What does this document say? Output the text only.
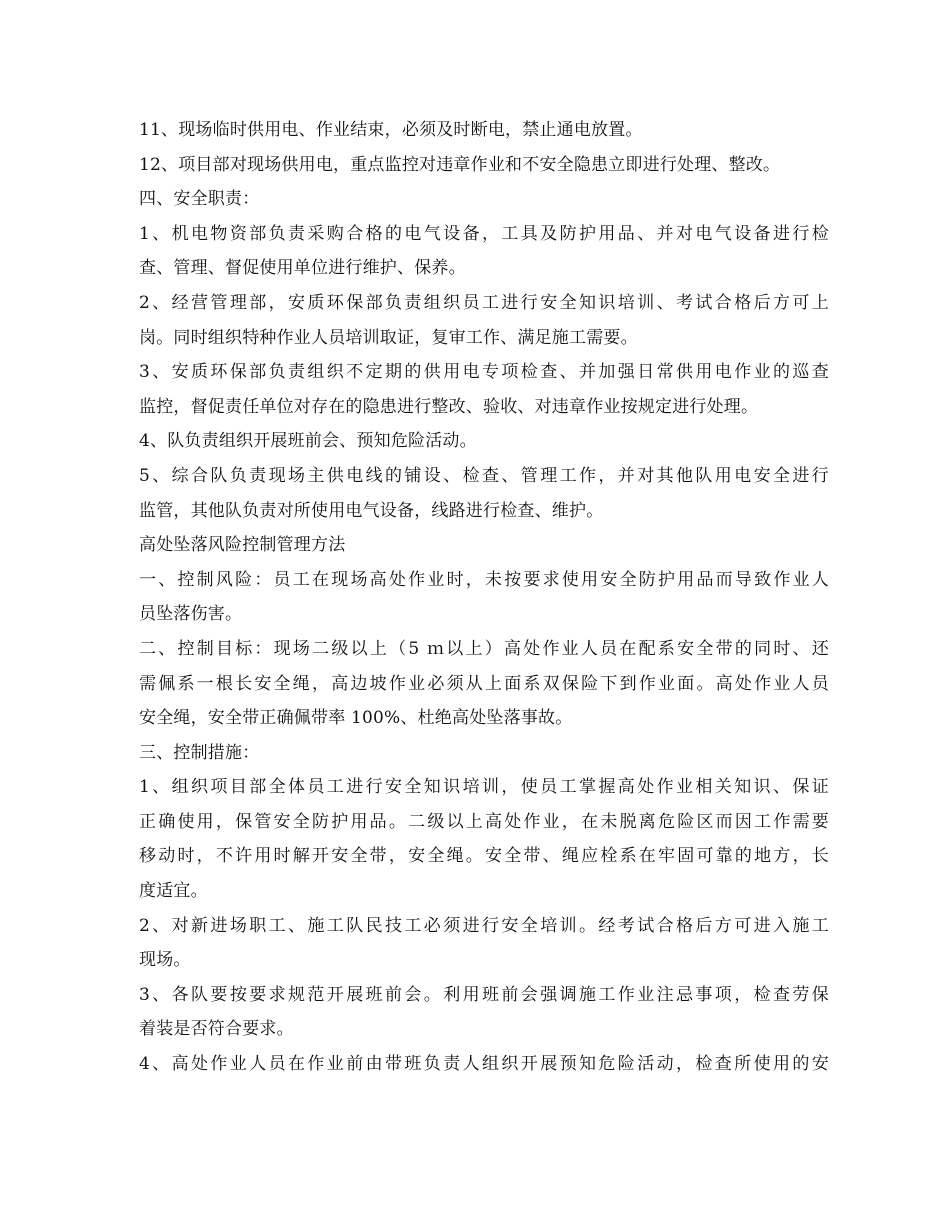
11、现场临时供用电、作业结束，必须及时断电，禁止通电放置。
12、项目部对现场供用电，重点监控对违章作业和不安全隐患立即进行处理、整改。
四、安全职责：
1、机电物资部负责采购合格的电气设备，工具及防护用品、并对电气设备进行检
查、管理、督促使用单位进行维护、保养。
2、经营管理部，安质环保部负责组织员工进行安全知识培训、考试合格后方可上
岗。同时组织特种作业人员培训取证，复审工作、满足施工需要。
3、安质环保部负责组织不定期的供用电专项检查、并加强日常供用电作业的巡查
监控，督促责任单位对存在的隐患进行整改、验收、对违章作业按规定进行处理。
4、队负责组织开展班前会、预知危险活动。
5、综合队负责现场主供电线的铺设、检查、管理工作，并对其他队用电安全进行
监管，其他队负责对所使用电气设备，线路进行检查、维护。
高处坠落风险控制管理方法
一、控制风险：员工在现场高处作业时，未按要求使用安全防护用品而导致作业人
员坠落伤害。
二、控制目标：现场二级以上（5 ｍ以上）高处作业人员在配系安全带的同时、还
需佩系一根长安全绳，高边坡作业必须从上面系双保险下到作业面。高处作业人员
安全绳，安全带正确佩带率 100%、杜绝高处坠落事故。
三、控制措施：
1、组织项目部全体员工进行安全知识培训，使员工掌握高处作业相关知识、保证
正确使用，保管安全防护用品。二级以上高处作业，在未脱离危险区而因工作需要
移动时，不许用时解开安全带，安全绳。安全带、绳应栓系在牢固可靠的地方，长
度适宜。
2、对新进场职工、施工队民技工必须进行安全培训。经考试合格后方可进入施工
现场。
3、各队要按要求规范开展班前会。利用班前会强调施工作业注忌事项，检查劳保
着装是否符合要求。
4、高处作业人员在作业前由带班负责人组织开展预知危险活动，检查所使用的安
